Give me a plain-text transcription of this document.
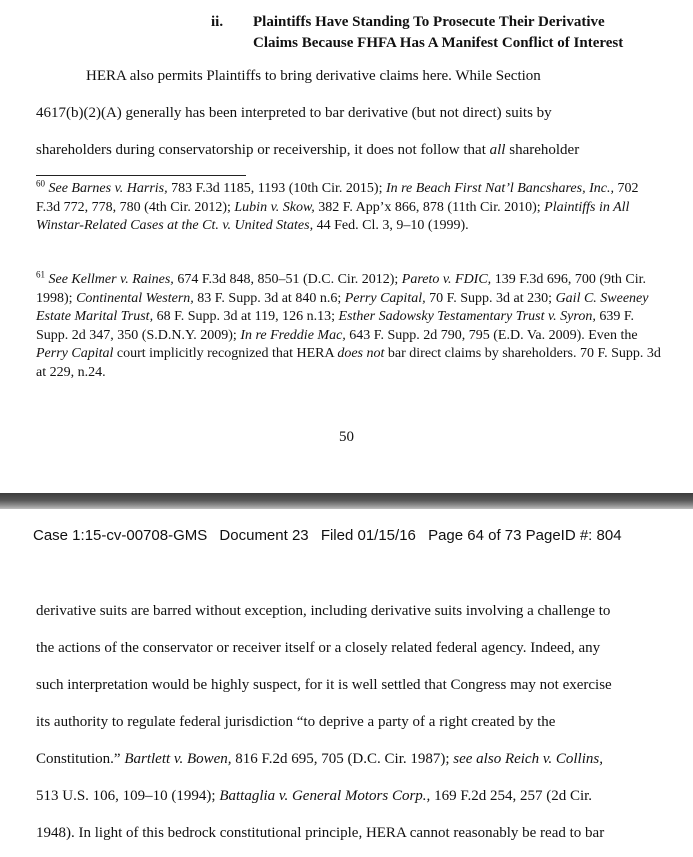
ii. Plaintiffs Have Standing To Prosecute Their Derivative
Claims Because FHFA Has A Manifest Conflict of Interest
HERA also permits Plaintiffs to bring derivative claims here. While Section
4617(b)(2)(A) generally has been interpreted to bar derivative (but not direct) suits by
shareholders during conservatorship or receivership, it does not follow that all shareholder
$^{60}$ See Barnes v. Harris, 783 F.3d 1185, 1193 (10th Cir. 2015); In re Beach First Nat’l Bancshares, Inc., 702 F.3d 772, 778, 780 (4th Cir. 2012); Lubin v. Skow, 382 F. App’x 866, 878 (11th Cir. 2010); Plaintiffs in All Winstar-Related Cases at the Ct. v. United States, 44 Fed. Cl. 3, 9–10 (1999).
$^{61}$ See Kellmer v. Raines, 674 F.3d 848, 850–51 (D.C. Cir. 2012); Pareto v. FDIC, 139 F.3d 696, 700 (9th Cir. 1998); Continental Western, 83 F. Supp. 3d at 840 n.6; Perry Capital, 70 F. Supp. 3d at 230; Gail C. Sweeney Estate Marital Trust, 68 F. Supp. 3d at 119, 126 n.13; Esther Sadowsky Testamentary Trust v. Syron, 639 F. Supp. 2d 347, 350 (S.D.N.Y. 2009); In re Freddie Mac, 643 F. Supp. 2d 790, 795 (E.D. Va. 2009). Even the Perry Capital court implicitly recognized that HERA does not bar direct claims by shareholders. 70 F. Supp. 3d at 229, n.24.
50
Case 1:15-cv-00708-GMS Document 23 Filed 01/15/16 Page 64 of 73 PageID #: 804
derivative suits are barred without exception, including derivative suits involving a challenge to
the actions of the conservator or receiver itself or a closely related federal agency. Indeed, any
such interpretation would be highly suspect, for it is well settled that Congress may not exercise
its authority to regulate federal jurisdiction “to deprive a party of a right created by the
Constitution.” Bartlett v. Bowen, 816 F.2d 695, 705 (D.C. Cir. 1987); see also Reich v. Collins,
513 U.S. 106, 109–10 (1994); Battaglia v. General Motors Corp., 169 F.2d 254, 257 (2d Cir.
1948). In light of this bedrock constitutional principle, HERA cannot reasonably be read to bar
